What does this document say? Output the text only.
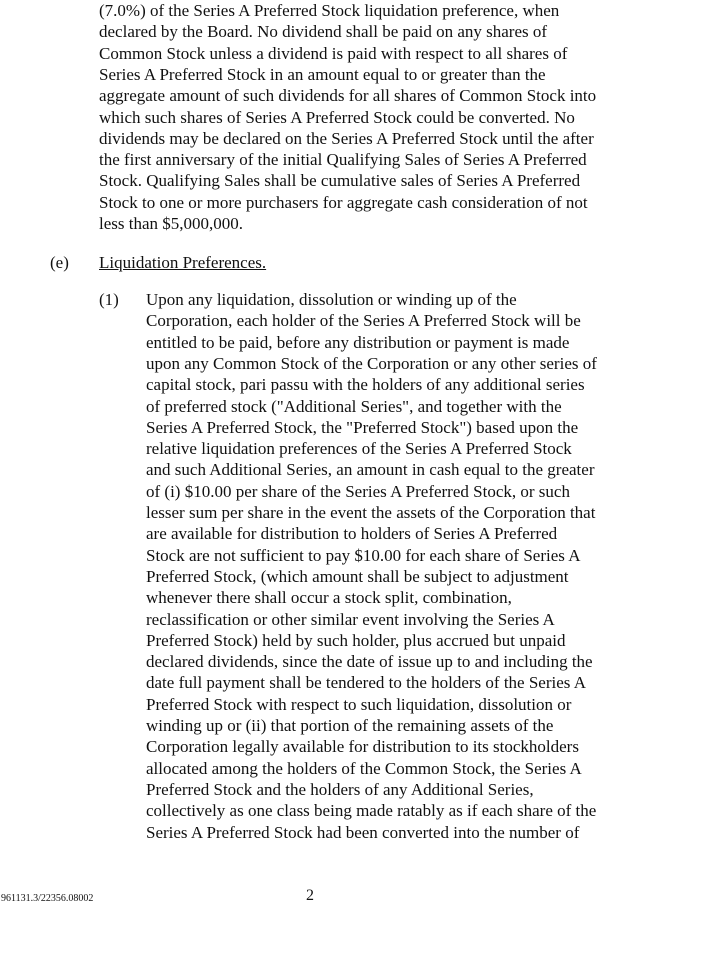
(7.0%) of the Series A Preferred Stock liquidation preference, when
declared by the Board. No dividend shall be paid on any shares of
Common Stock unless a dividend is paid with respect to all shares of
Series A Preferred Stock in an amount equal to or greater than the
aggregate amount of such dividends for all shares of Common Stock into
which such shares of Series A Preferred Stock could be converted. No
dividends may be declared on the Series A Preferred Stock until the after
the first anniversary of the initial Qualifying Sales of Series A Preferred
Stock. Qualifying Sales shall be cumulative sales of Series A Preferred
Stock to one or more purchasers for aggregate cash consideration of not
less than $5,000,000.
(e) Liquidation Preferences.
(1) Upon any liquidation, dissolution or winding up of the
Corporation, each holder of the Series A Preferred Stock will be
entitled to be paid, before any distribution or payment is made
upon any Common Stock of the Corporation or any other series of
capital stock, pari passu with the holders of any additional series
of preferred stock ("Additional Series", and together with the
Series A Preferred Stock, the "Preferred Stock") based upon the
relative liquidation preferences of the Series A Preferred Stock
and such Additional Series, an amount in cash equal to the greater
of (i) $10.00 per share of the Series A Preferred Stock, or such
lesser sum per share in the event the assets of the Corporation that
are available for distribution to holders of Series A Preferred
Stock are not sufficient to pay $10.00 for each share of Series A
Preferred Stock, (which amount shall be subject to adjustment
whenever there shall occur a stock split, combination,
reclassification or other similar event involving the Series A
Preferred Stock) held by such holder, plus accrued but unpaid
declared dividends, since the date of issue up to and including the
date full payment shall be tendered to the holders of the Series A
Preferred Stock with respect to such liquidation, dissolution or
winding up or (ii) that portion of the remaining assets of the
Corporation legally available for distribution to its stockholders
allocated among the holders of the Common Stock, the Series A
Preferred Stock and the holders of any Additional Series,
collectively as one class being made ratably as if each share of the
Series A Preferred Stock had been converted into the number of
961131.3/22356.08002	2
